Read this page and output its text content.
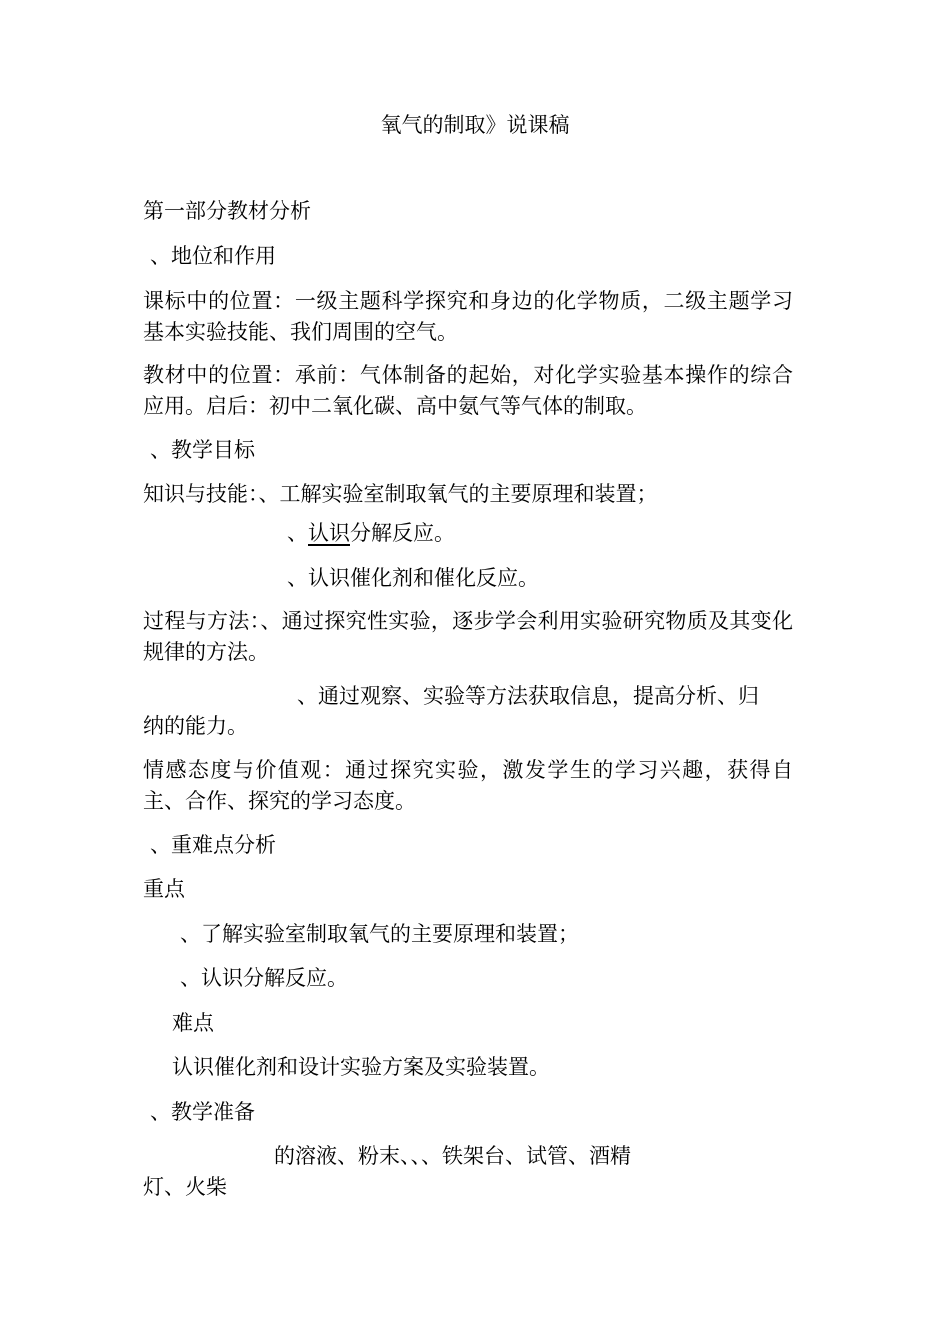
氧气的制取》说课稿
第一部分教材分析
、地位和作用
课标中的位置：一级主题科学探究和身边的化学物质，二级主题学习基本实验技能、我们周围的空气。
教材中的位置：承前：气体制备的起始，对化学实验基本操作的综合应用。启后：初中二氧化碳、高中氨气等气体的制取。
、教学目标
知识与技能：、工解实验室制取氧气的主要原理和装置；
、认识分解反应。
、认识催化剂和催化反应。
过程与方法：、通过探究性实验，逐步学会利用实验研究物质及其变化规律的方法。
、通过观察、实验等方法获取信息，提高分析、归
纳的能力。
情感态度与价值观：通过探究实验，激发学生的学习兴趣，获得自主、合作、探究的学习态度。
、重难点分析
重点
、了解实验室制取氧气的主要原理和装置；
、认识分解反应。
难点
认识催化剂和设计实验方案及实验装置。
、教学准备
的溶液、粉末、、、铁架台、试管、酒精
灯、火柴
